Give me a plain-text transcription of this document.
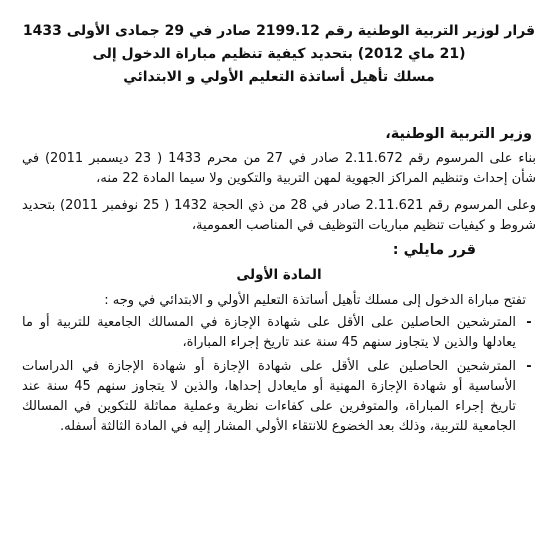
قرار لوزير التربية الوطنية رقم 2199.12 صادر في 29 جمادى الأولى 1433
(21 ماي 2012) بتحديد كيفية تنظيم مباراة الدخول إلى
مسلك تأهيل أساتذة التعليم الأولي و الابتدائي
وزير التربية الوطنية،

بناء على المرسوم رقم 2.11.672 صادر في 27 من محرم 1433 ( 23 ديسمبر 2011) في شأن إحداث وتنظيم المراكز الجهوية لمهن التربية والتكوين ولا سيما المادة 22 منه،

وعلى المرسوم رقم 2.11.621 صادر في 28 من ذي الحجة 1432 ( 25 نوفمبر 2011) بتحديد شروط و كيفيات تنظيم مباريات التوظيف في المناصب العمومية،

قرر مايلي :
المادة الأولى
تفتح مباراة الدخول إلى مسلك تأهيل أساتذة التعليم الأولي و الابتدائي في وجه :
-
المترشحين الحاصلين على الأقل على شهادة الإجازة في المسالك الجامعية للتربية أو ما يعادلها والذين لا يتجاوز سنهم 45 سنة عند تاريخ إجراء المباراة،
-
المترشحين الحاصلين على الأقل على شهادة الإجازة أو شهادة الإجازة في الدراسات الأساسية أو شهادة الإجازة المهنية أو مايعادل إحداها، والذين لا يتجاوز سنهم 45 سنة عند تاريخ إجراء المباراة، والمتوفرين على كفاءات نظرية وعملية مماثلة للتكوين في المسالك الجامعية للتربية، وذلك بعد الخضوع للانتقاء الأولي المشار إليه في المادة الثالثة أسفله.
